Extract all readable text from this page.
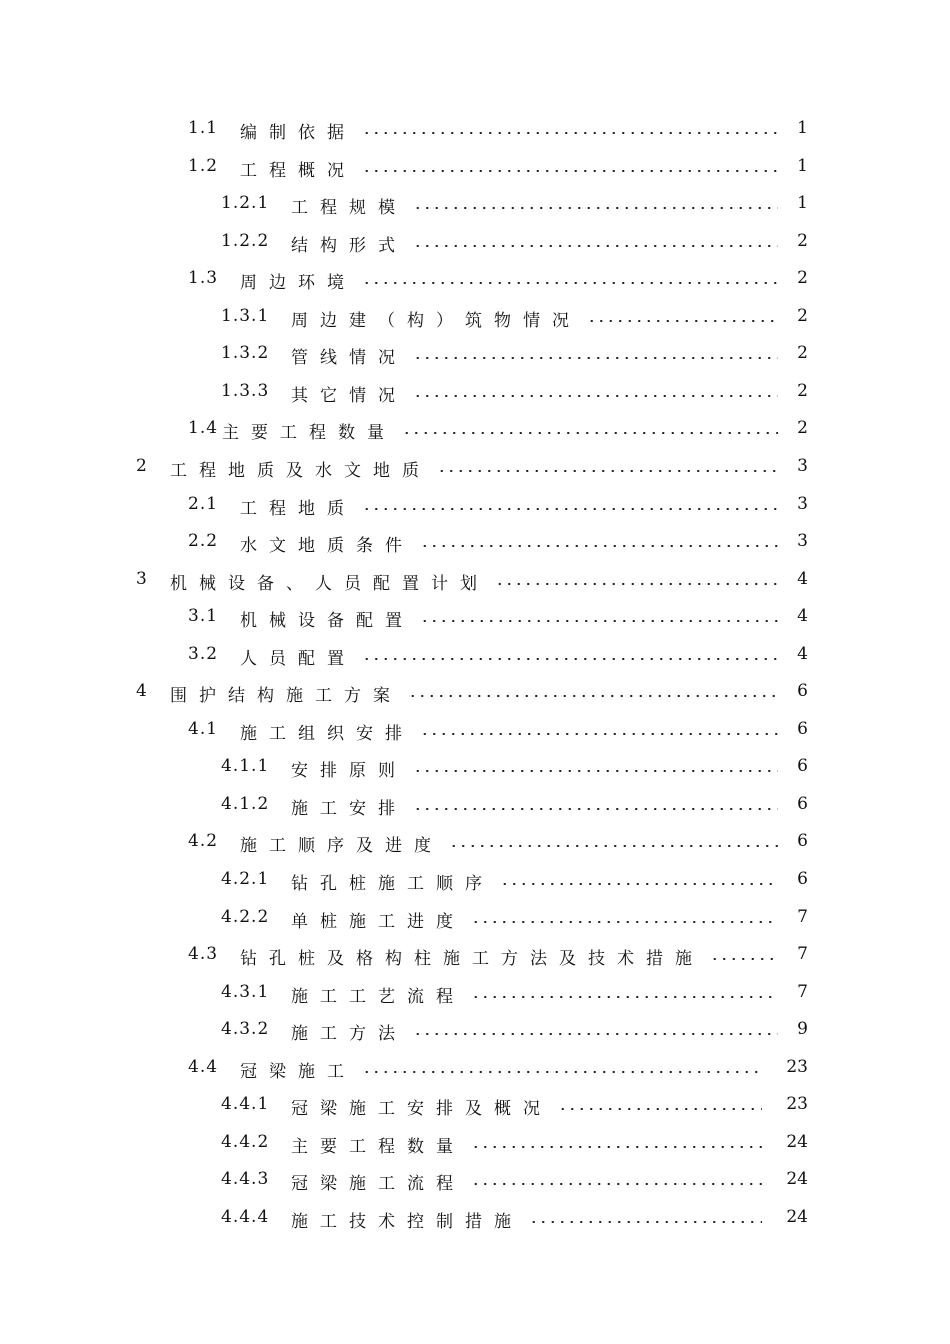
1.1 编制依据	1
1.2 工程概况	1
1.2.1 工程规模	1
1.2.2 结构形式	2
1.3 周边环境	2
1.3.1 周边建（构）筑物情况	2
1.3.2 管线情况	2
1.3.3 其它情况	2
1.4 主要工程数量	2
2 工程地质及水文地质	3
2.1 工程地质	3
2.2 水文地质条件	3
3 机械设备、人员配置计划	4
3.1 机械设备配置	4
3.2 人员配置	4
4 围护结构施工方案	6
4.1 施工组织安排	6
4.1.1 安排原则	6
4.1.2 施工安排	6
4.2 施工顺序及进度	6
4.2.1 钻孔桩施工顺序	6
4.2.2 单桩施工进度	7
4.3 钻孔桩及格构柱施工方法及技术措施	7
4.3.1 施工工艺流程	7
4.3.2 施工方法	9
4.4 冠梁施工	23
4.4.1 冠梁施工安排及概况	23
4.4.2 主要工程数量	24
4.4.3 冠梁施工流程	24
4.4.4 施工技术控制措施	24
